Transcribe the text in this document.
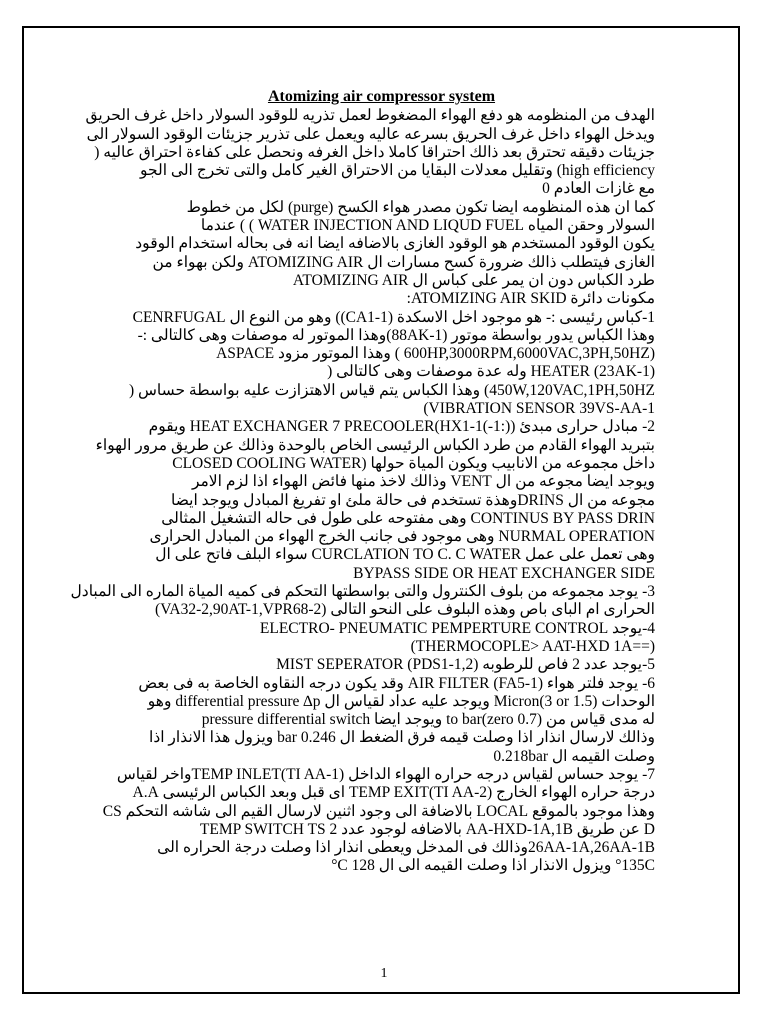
Atomizing air compressor system
الهدف من المنظومه هو دفع الهواء المضغوط لعمل تذريه للوقود السولار داخل غرف الحريق
ويدخل الهواء داخل غرف الحريق بسرعه عاليه ويعمل على تذرير جزيئات الوقود السولار الى
جزيئات دقيقه تحترق بعد ذالك احتراقا كاملا داخل الغرفه ونحصل على كفاءة احتراق عاليه (
high efficiency) وتقليل معدلات البقايا من الاحتراق الغير كامل والتى تخرج الى الجو
مع غازات العادم 0
كما ان هذه المنظومه ايضا تكون مصدر هواء الكسح (purge) لكل من خطوط
السولار وحقن المياه WATER INJECTION AND LIQUD FUEL ) ) عندما
يكون الوقود المستخدم هو الوقود الغازى بالاضافه ايضا انه فى بحاله استخدام الوقود
الغازى فيتطلب ذالك ضرورة كسح مسارات ال ATOMIZING AIR ولكن بهواء من
طرد الكباس دون ان يمر على كباس ال ATOMIZING AIR
مكونات دائرة ATOMIZING AIR SKID:
1-كباس رئيسى :- هو موجود اخل الاسكدة (CA1-1)) وهو من النوع ال CENRFUGAL
وهذا الكباس يدور بواسطة موتور (88AK-1)وهذا الموتور له موصفات وهى كالتالى :-
(600HP,3000RPM,6000VAC,3PH,50HZ ) وهذا الموتور مزود ASPACE
HEATER (23AK-1) وله عدة موصفات وهى كالتالى (
450W,120VAC,1PH,50HZ) وهذا الكباس يتم قياس الاهتزازت عليه بواسطة حساس (
VIBRATION SENSOR 39VS-AA-1)
2- مبادل حرارى مبدئ HEAT EXCHANGER 7 PRECOOLER(HX1-1(-1:)) ويقوم
بتبريد الهواء القادم من طرد الكباس الرئيسى الخاص بالوحدة وذالك عن طريق مرور الهواء
داخل مجموعه من الانابيب ويكون المياة حولها (CLOSED COOLING WATER
ويوجد ايضا مجوعه من ال VENT وذالك لاخذ منها فائض الهواء اذا لزم الامر
مجوعه من ال DRINSوهذة تستخدم فى حالة ملئ او تفريغ المبادل ويوجد ايضا
CONTINUS BY PASS DRIN وهى مفتوحه على طول فى حاله التشغيل المثالى
NURMAL OPERATION وهى موجود فى جانب الخرج الهواء من المبادل الحرارى
وهى تعمل على عمل CURCLATION TO C. C WATER سواء البلف فاتح على ال
BYPASS SIDE OR HEAT EXCHANGER SIDE
3- يوجد مجموعه من بلوف الكنترول والتى بواسطتها التحكم فى كميه المياة الماره الى المبادل
الحرارى ام الباى باص وهذه البلوف على النحو التالى (VA32-2,90AT-1,VPR68-2)
4-يوجد ELECTRO- PNEUMATIC PEMPERTURE CONTROL
(==THERMOCOPLE> AAT-HXD 1A)
5-يوجد عدد 2 فاص للرطوبه (MIST SEPERATOR (PDS1-1,2
6- يوجد فلتر هواء AIR FILTER (FA5-1) وقد يكون درجه النقاوه الخاصة به فى بعض
الوحدات Micron(3 or 1.5) ويوجد عليه عداد لقياس ال differential pressure ∆p وهو
له مدى قياس من (0.7 to bar(zero ويوجد ايضا pressure differential switch
وذالك لارسال انذار اذا وصلت قيمه فرق الضغط ال 0.246 bar ويزول هذا الانذار اذا
وصلت القيمه ال 0.218bar
7- يوجد حساس لقياس درجه حراره الهواء الداخل (TEMP INLET(TI AA-1واخر لقياس
درجة حراره الهواء الخارج (TEMP EXIT(TI AA-2 اى قبل وبعد الكباس الرئيسى A.A
وهذا موجود بالموقع LOCAL بالاضافة الى وجود اثنين لارسال القيم الى شاشه التحكم CS
D عن طريق AA-HXD-1A,1B بالاضافه لوجود عدد TEMP SWITCH TS 2
26AA-1A,26AA-1Bوذالك فى المدخل ويعطى انذار اذا وصلت درجة الحراره الى
135C° ويزول الانذار اذا وصلت القيمه الى ال 128 C°
1
